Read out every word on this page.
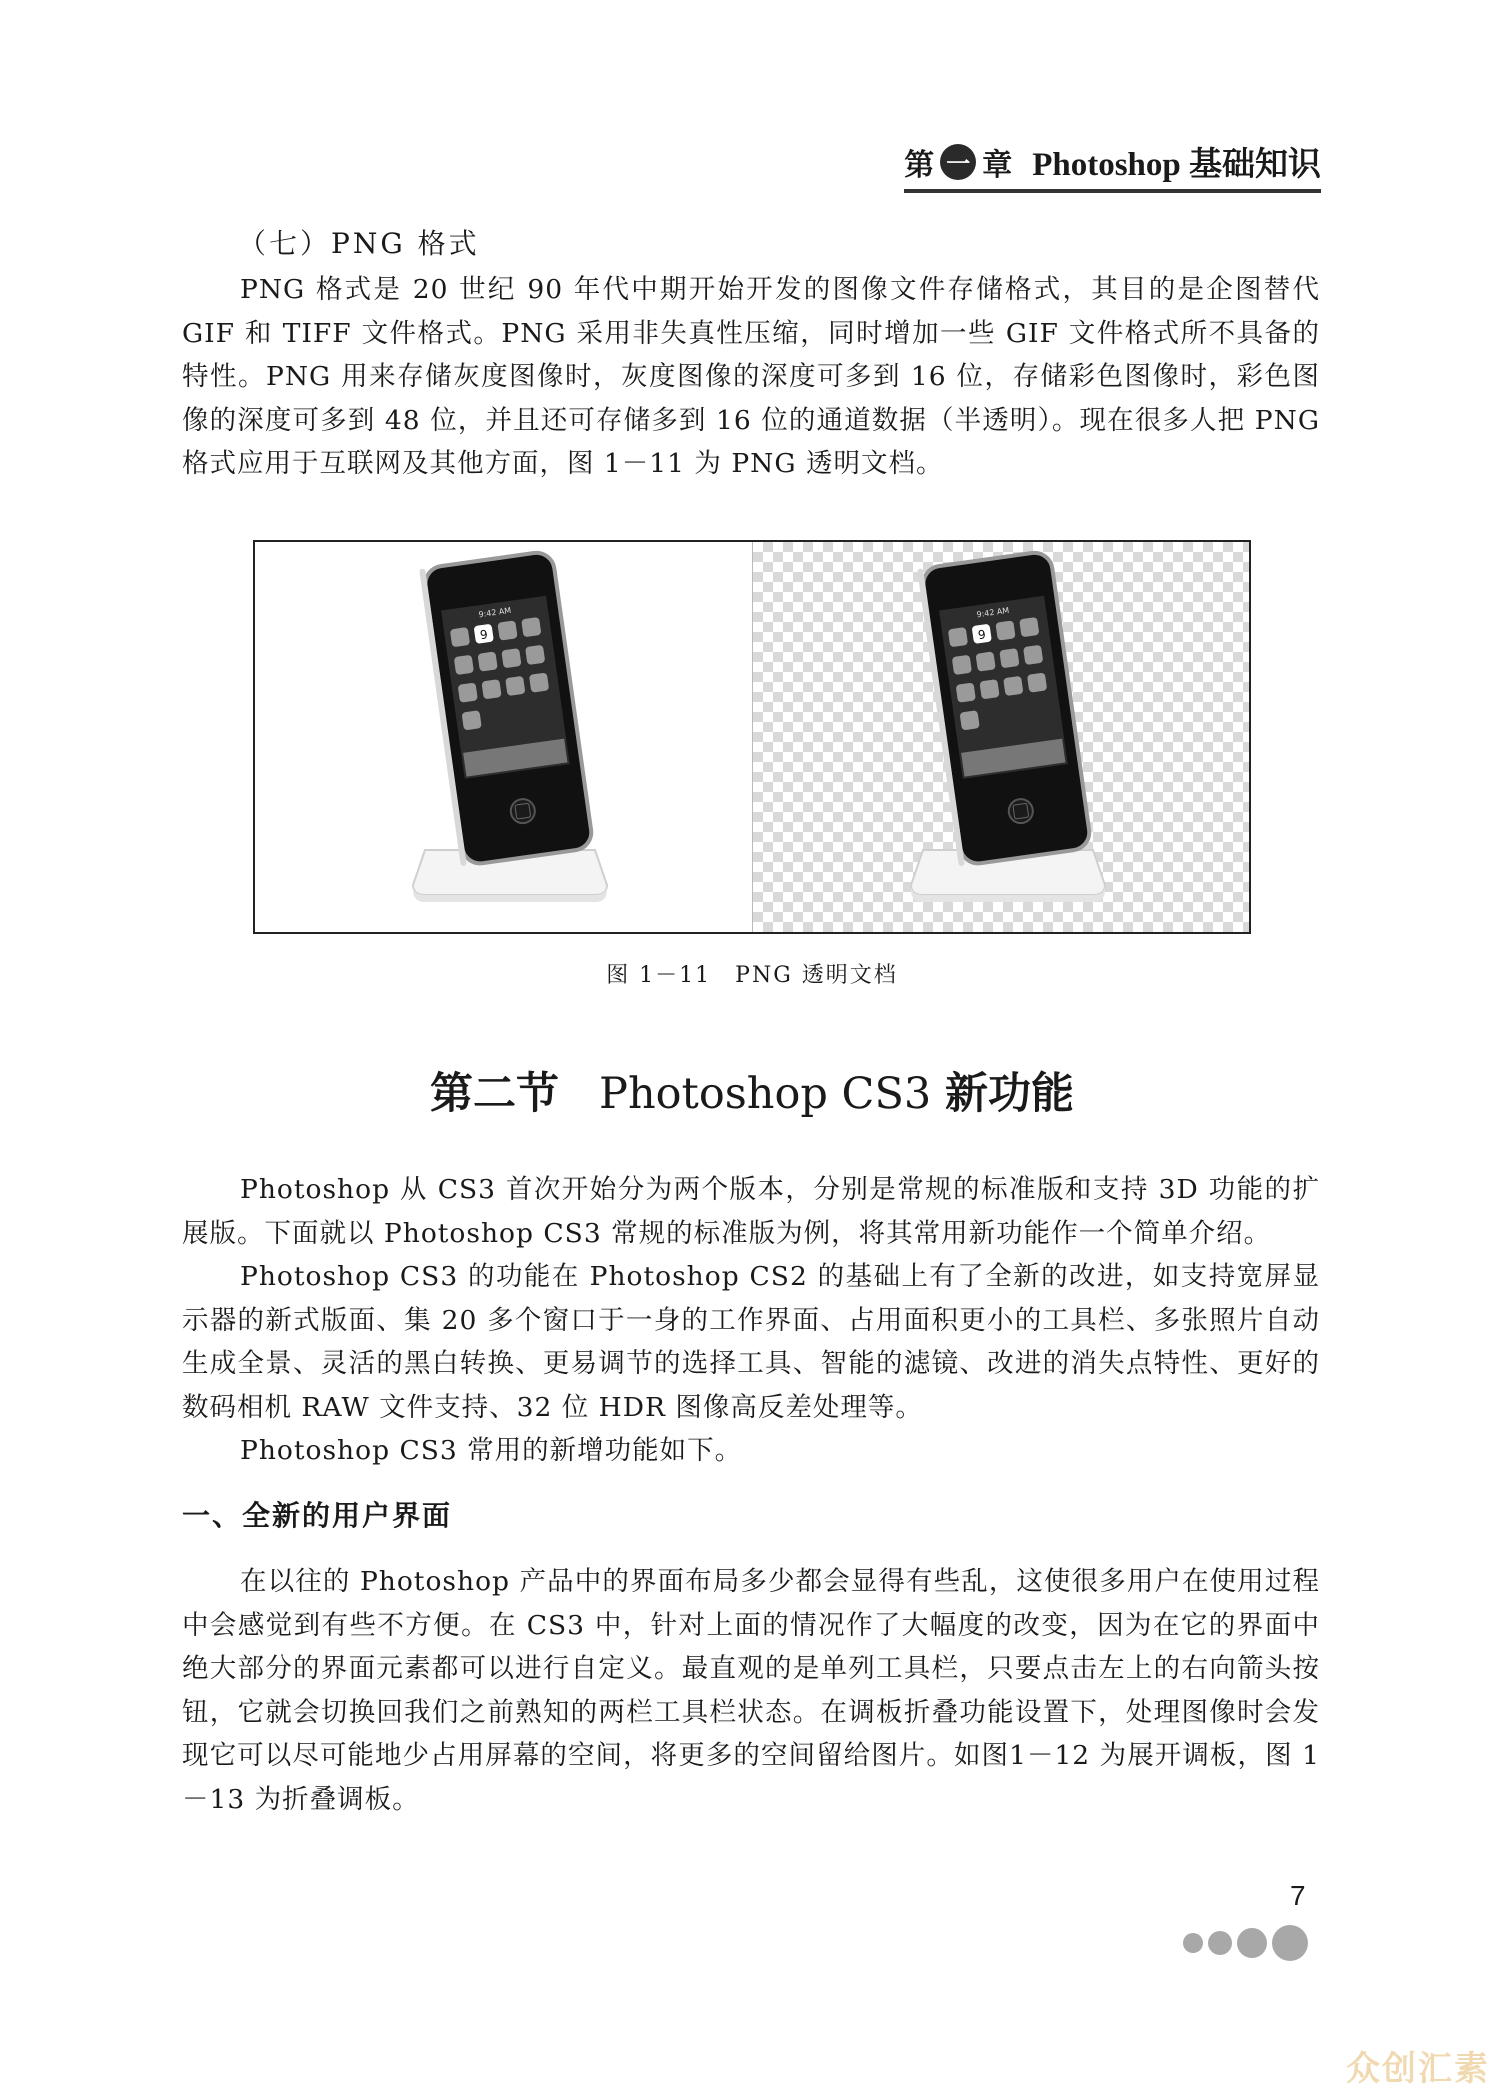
第 一 章 Photoshop 基础知识
（七）PNG 格式

PNG 格式是 20 世纪 90 年代中期开始开发的图像文件存储格式，其目的是企图替代 GIF 和 TIFF 文件格式。PNG 采用非失真性压缩，同时增加一些 GIF 文件格式所不具备的特性。PNG 用来存储灰度图像时，灰度图像的深度可多到 16 位，存储彩色图像时，彩色图像的深度可多到 48 位，并且还可存储多到 16 位的通道数据（半透明）。现在很多人把 PNG 格式应用于互联网及其他方面，图 1－11 为 PNG 透明文档。

9:42 AM
9
9:42 AM
9
图 1－11　PNG 透明文档
第二节 Photoshop CS3 新功能

Photoshop 从 CS3 首次开始分为两个版本，分别是常规的标准版和支持 3D 功能的扩展版。下面就以 Photoshop CS3 常规的标准版为例，将其常用新功能作一个简单介绍。

Photoshop CS3 的功能在 Photoshop CS2 的基础上有了全新的改进，如支持宽屏显示器的新式版面、集 20 多个窗口于一身的工作界面、占用面积更小的工具栏、多张照片自动生成全景、灵活的黑白转换、更易调节的选择工具、智能的滤镜、改进的消失点特性、更好的数码相机 RAW 文件支持、32 位 HDR 图像高反差处理等。

Photoshop CS3 常用的新增功能如下。

一、全新的用户界面

在以往的 Photoshop 产品中的界面布局多少都会显得有些乱，这使很多用户在使用过程中会感觉到有些不方便。在 CS3 中，针对上面的情况作了大幅度的改变，因为在它的界面中绝大部分的界面元素都可以进行自定义。最直观的是单列工具栏，只要点击左上的右向箭头按钮，它就会切换回我们之前熟知的两栏工具栏状态。在调板折叠功能设置下，处理图像时会发现它可以尽可能地少占用屏幕的空间，将更多的空间留给图片。如图1－12 为展开调板，图 1－13 为折叠调板。

7
众创汇素
